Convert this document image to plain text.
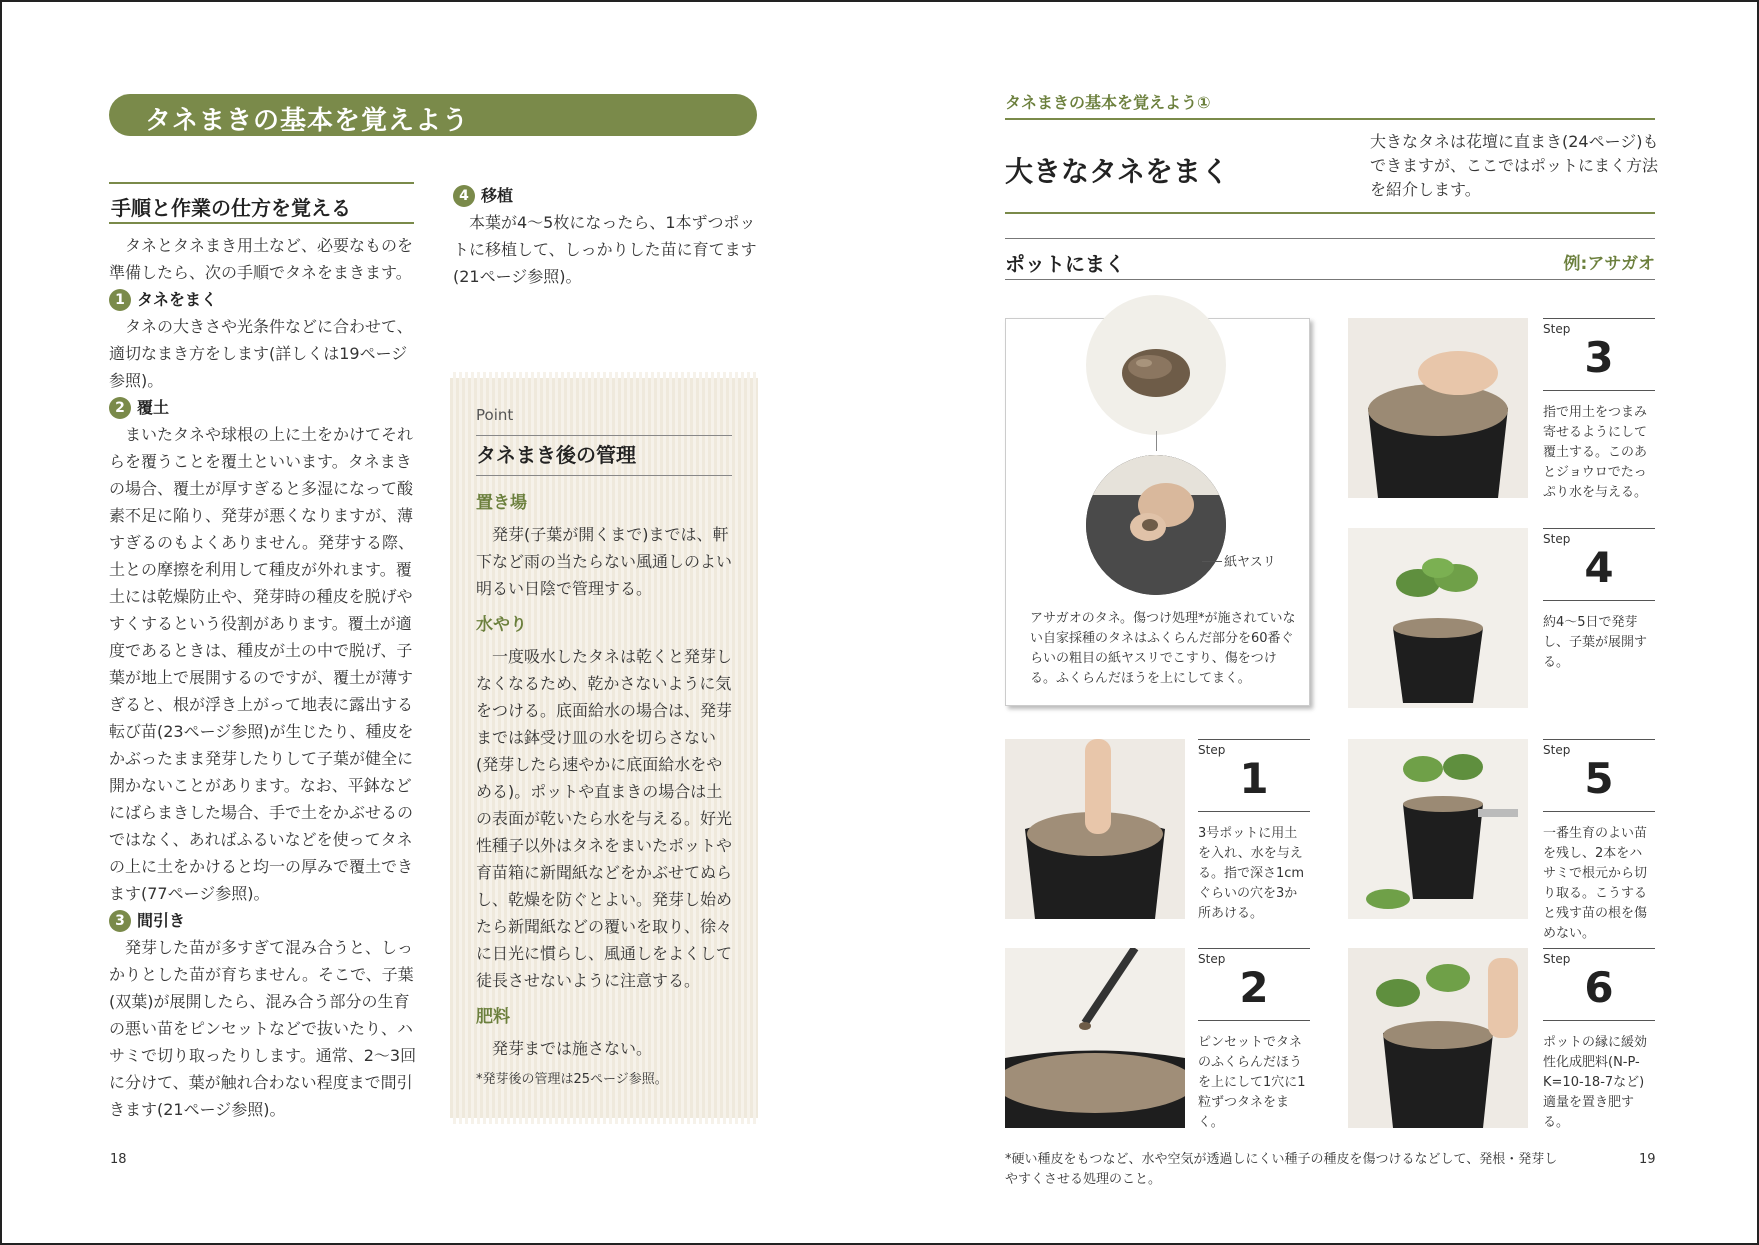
タネまきの基本を覚えよう
手順と作業の仕方を覚える

タネとタネまき用土など、必要なものを準備したら、次の手順でタネをまきます。

1 タネをまく

タネの大きさや光条件などに合わせて、適切なまき方をします(詳しくは19ページ参照)。

2 覆土

まいたタネや球根の上に土をかけてそれらを覆うことを覆土といいます。タネまきの場合、覆土が厚すぎると多湿になって酸素不足に陥り、発芽が悪くなりますが、薄すぎるのもよくありません。発芽する際、土との摩擦を利用して種皮が外れます。覆土には乾燥防止や、発芽時の種皮を脱げやすくするという役割があります。覆土が適度であるときは、種皮が土の中で脱げ、子葉が地上で展開するのですが、覆土が薄すぎると、根が浮き上がって地表に露出する転び苗(23ページ参照)が生じたり、種皮をかぶったまま発芽したりして子葉が健全に開かないことがあります。なお、平鉢などにばらまきした場合、手で土をかぶせるのではなく、あればふるいなどを使ってタネの上に土をかけると均一の厚みで覆土できます(77ページ参照)。

3 間引き

発芽した苗が多すぎて混み合うと、しっかりとした苗が育ちません。そこで、子葉(双葉)が展開したら、混み合う部分の生育の悪い苗をピンセットなどで抜いたり、ハサミで切り取ったりします。通常、2〜3回に分けて、葉が触れ合わない程度まで間引きます(21ページ参照)。

4 移植

本葉が4〜5枚になったら、1本ずつポットに移植して、しっかりした苗に育てます(21ページ参照)。

Point
タネまき後の管理
置き場

発芽(子葉が開くまで)までは、軒下など雨の当たらない風通しのよい明るい日陰で管理する。

水やり

一度吸水したタネは乾くと発芽しなくなるため、乾かさないように気をつける。底面給水の場合は、発芽までは鉢受け皿の水を切らさない(発芽したら速やかに底面給水をやめる)。ポットや直まきの場合は土の表面が乾いたら水を与える。好光性種子以外はタネをまいたポットや育苗箱に新聞紙などをかぶせてぬらし、乾燥を防ぐとよい。発芽し始めたら新聞紙などの覆いを取り、徐々に日光に慣らし、風通しをよくして徒長させないように注意する。

肥料

発芽までは施さない。

*発芽後の管理は25ページ参照。
18
タネまきの基本を覚えよう①
大きなタネをまく
大きなタネは花壇に直まき(24ページ)もできますが、ここではポットにまく方法を紹介します。
ポットにまく	例:アサガオ
紙ヤスリ
アサガオのタネ。傷つけ処理*が施されていない自家採種のタネはふくらんだ部分を60番ぐらいの粗目の紙ヤスリでこすり、傷をつける。ふくらんだほうを上にしてまく。
Step
3
指で用土をつまみ寄せるようにして覆土する。このあとジョウロでたっぷり水を与える。
Step
4
約4〜5日で発芽し、子葉が展開する。
Step
1
3号ポットに用土を入れ、水を与える。指で深さ1cmぐらいの穴を3か所あける。
Step
5
一番生育のよい苗を残し、2本をハサミで根元から切り取る。こうすると残す苗の根を傷めない。
Step
2
ピンセットでタネのふくらんだほうを上にして1穴に1粒ずつタネをまく。
Step
6
ポットの縁に緩効性化成肥料(N-P-K=10-18-7など)適量を置き肥する。
*硬い種皮をもつなど、水や空気が透過しにくい種子の種皮を傷つけるなどして、発根・発芽しやすくさせる処理のこと。
19
